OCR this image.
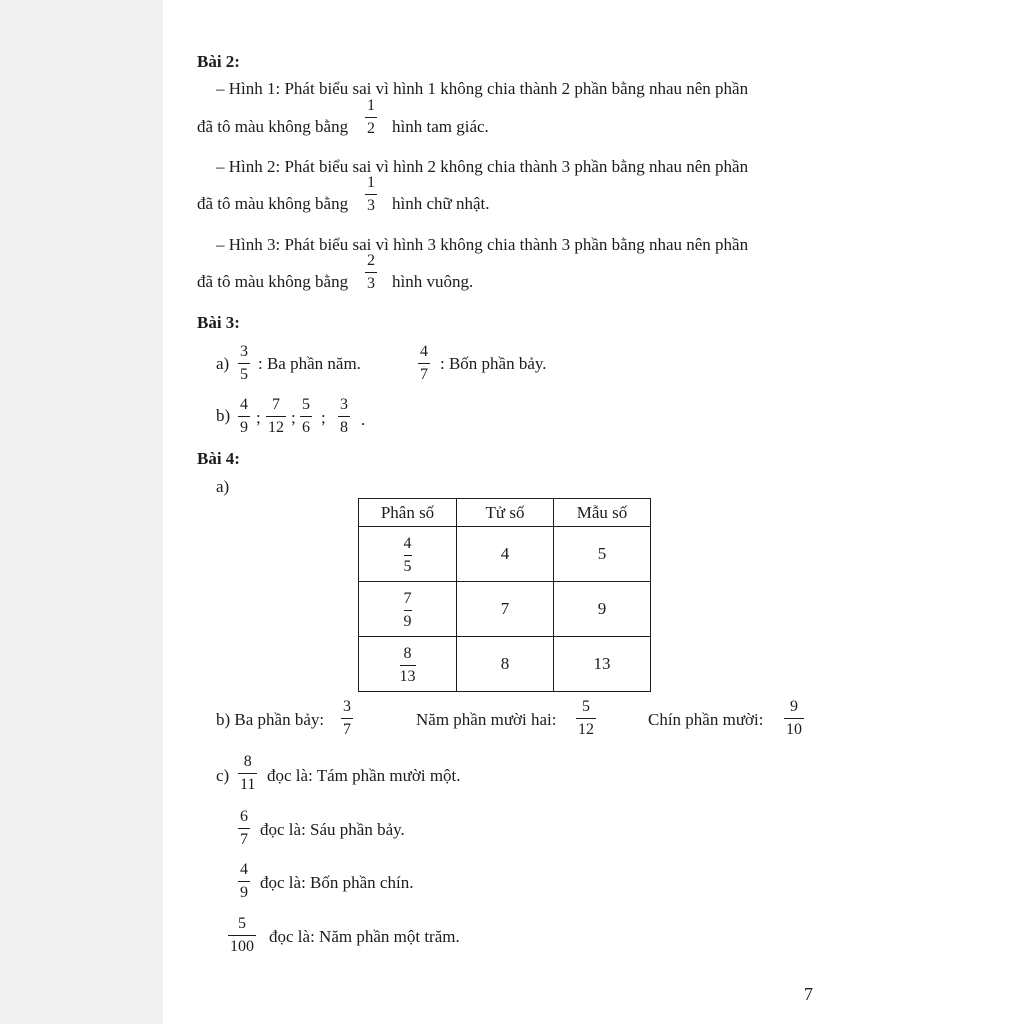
Bài 2:
– Hình 1: Phát biểu sai vì hình 1 không chia thành 2 phần bằng nhau nên phần
đã tô màu không bằng
1
2 hình tam giác.
– Hình 2: Phát biểu sai vì hình 2 không chia thành 3 phần bằng nhau nên phần
đã tô màu không bằng
1
3 hình chữ nhật.
– Hình 3: Phát biểu sai vì hình 3 không chia thành 3 phần bằng nhau nên phần
đã tô màu không bằng
2
3 hình vuông.
Bài 3:
a)
3
5
: Ba phần năm.
4
7
: Bốn phần bảy.
b)
4
9
;
7
12
;
5
6
;
3
8 .
Bài 4:
a)
Phân số	Tử số	Mẫu số

$\frac{4}{5}$	4	5

$\frac{7}{9}$	7	9

$\frac{8}{13}$	8	13
b) Ba phần bảy:
3
7
Năm phần mười hai:
5
12
Chín phần mười:
9
10
c)
8
11 đọc là: Tám phần mười một.
6
7
đọc là: Sáu phần bảy.
4
9
đọc là: Bốn phần chín.
5
100
đọc là: Năm phần một trăm.
7
